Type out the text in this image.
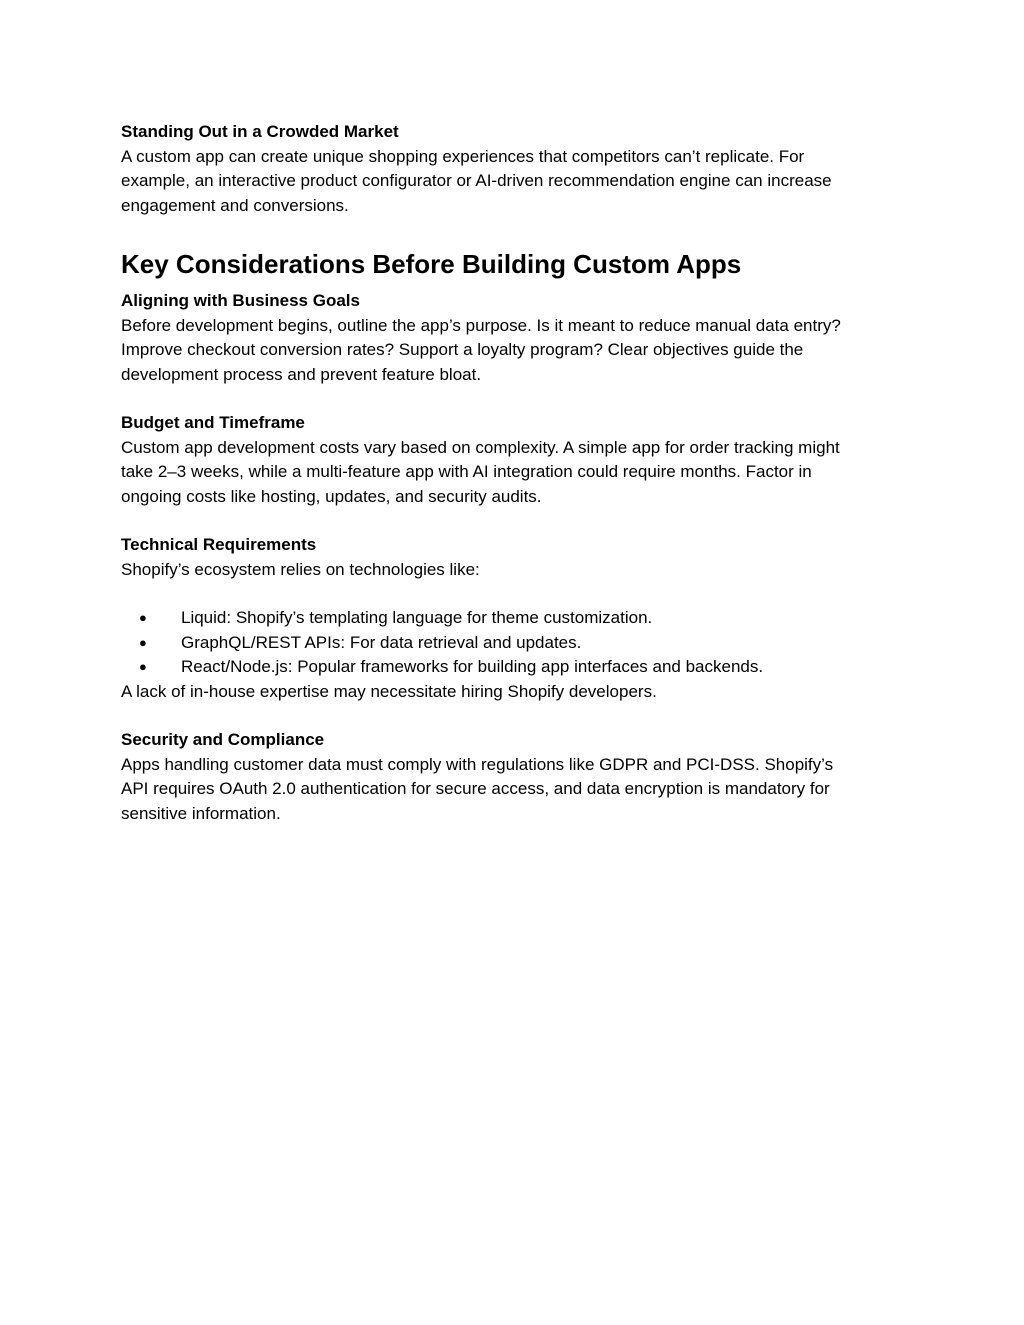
Standing Out in a Crowded Market

A custom app can create unique shopping experiences that competitors can’t replicate. For

example, an interactive product configurator or AI-driven recommendation engine can increase

engagement and conversions.

Key Considerations Before Building Custom Apps

Aligning with Business Goals

Before development begins, outline the app’s purpose. Is it meant to reduce manual data entry?

Improve checkout conversion rates? Support a loyalty program? Clear objectives guide the

development process and prevent feature bloat.

Budget and Timeframe

Custom app development costs vary based on complexity. A simple app for order tracking might

take 2–3 weeks, while a multi-feature app with AI integration could require months. Factor in

ongoing costs like hosting, updates, and security audits.

Technical Requirements

Shopify’s ecosystem relies on technologies like:

● Liquid: Shopify’s templating language for theme customization.
● GraphQL/REST APIs: For data retrieval and updates.
● React/Node.js: Popular frameworks for building app interfaces and backends.

A lack of in-house expertise may necessitate hiring Shopify developers.

Security and Compliance

Apps handling customer data must comply with regulations like GDPR and PCI-DSS. Shopify’s

API requires OAuth 2.0 authentication for secure access, and data encryption is mandatory for

sensitive information.
